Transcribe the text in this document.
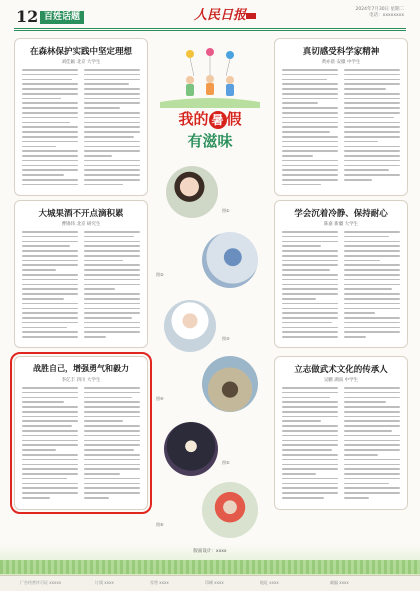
12 百姓话题	人民日报	2024年7月30日 星期二
电话：xxxxxxxx
在森林保护实践中坚定理想
刘佳颖 北京 大学生
大城果酒不开点滴积累
曹锦炜 北京 研究生
战胜自己，增强勇气和毅力
李亿丰 四川 大学生
我的 暑 假
有滋味
图①
图②
图③
图④
图⑤
图⑥
真切感受科学家精神
黄亦晨 安徽 中学生
学会沉着冷静、保持耐心
陈嘉 新疆 大学生
立志做武术文化的传承人
吴鹏 湖南 中学生
版面设计：xxxx
广告经营许可证 xxxxx	订阅 xxxx	零售 xxxx	印刷 xxxx	地址 xxxx	邮编 xxxx
